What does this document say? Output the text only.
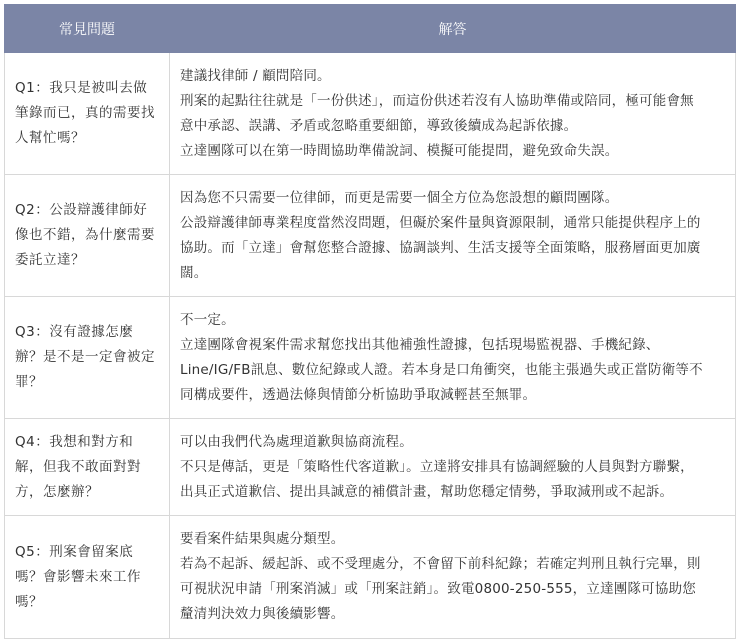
常見問題	解答

Q1：我只是被叫去做筆錄而已，真的需要找人幫忙嗎？	建議找律師 / 顧問陪同。
刑案的起點往往就是「一份供述」，而這份供述若沒有人協助準備或陪同，極可能會無
意中承認、誤講、矛盾或忽略重要細節，導致後續成為起訴依據。
立達團隊可以在第一時間協助準備說詞、模擬可能提問，避免致命失誤。

Q2：公設辯護律師好像也不錯，為什麼需要委託立達？	因為您不只需要一位律師，而更是需要一個全方位為您設想的顧問團隊。
公設辯護律師專業程度當然沒問題，但礙於案件量與資源限制，通常只能提供程序上的
協助。而「立達」會幫您整合證據、協調談判、生活支援等全面策略，服務層面更加廣
闊。

Q3：沒有證據怎麼辦？是不是一定會被定罪？	不一定。
立達團隊會視案件需求幫您找出其他補強性證據，包括現場監視器、手機紀錄、
Line/IG/FB訊息、數位紀錄或人證。若本身是口角衝突，也能主張過失或正當防衛等不
同構成要件，透過法條與情節分析協助爭取減輕甚至無罪。

Q4：我想和對方和解，但我不敢面對對方，怎麼辦？	可以由我們代為處理道歉與協商流程。
不只是傳話，更是「策略性代客道歉」。立達將安排具有協調經驗的人員與對方聯繫，
出具正式道歉信、提出具誠意的補償計畫，幫助您穩定情勢，爭取減刑或不起訴。

Q5：刑案會留案底嗎？會影響未來工作嗎？	要看案件結果與處分類型。
若為不起訴、緩起訴、或不受理處分，不會留下前科紀錄；若確定判刑且執行完畢，則
可視狀況申請「刑案消滅」或「刑案註銷」。致電0800-250-555，立達團隊可協助您
釐清判決效力與後續影響。
